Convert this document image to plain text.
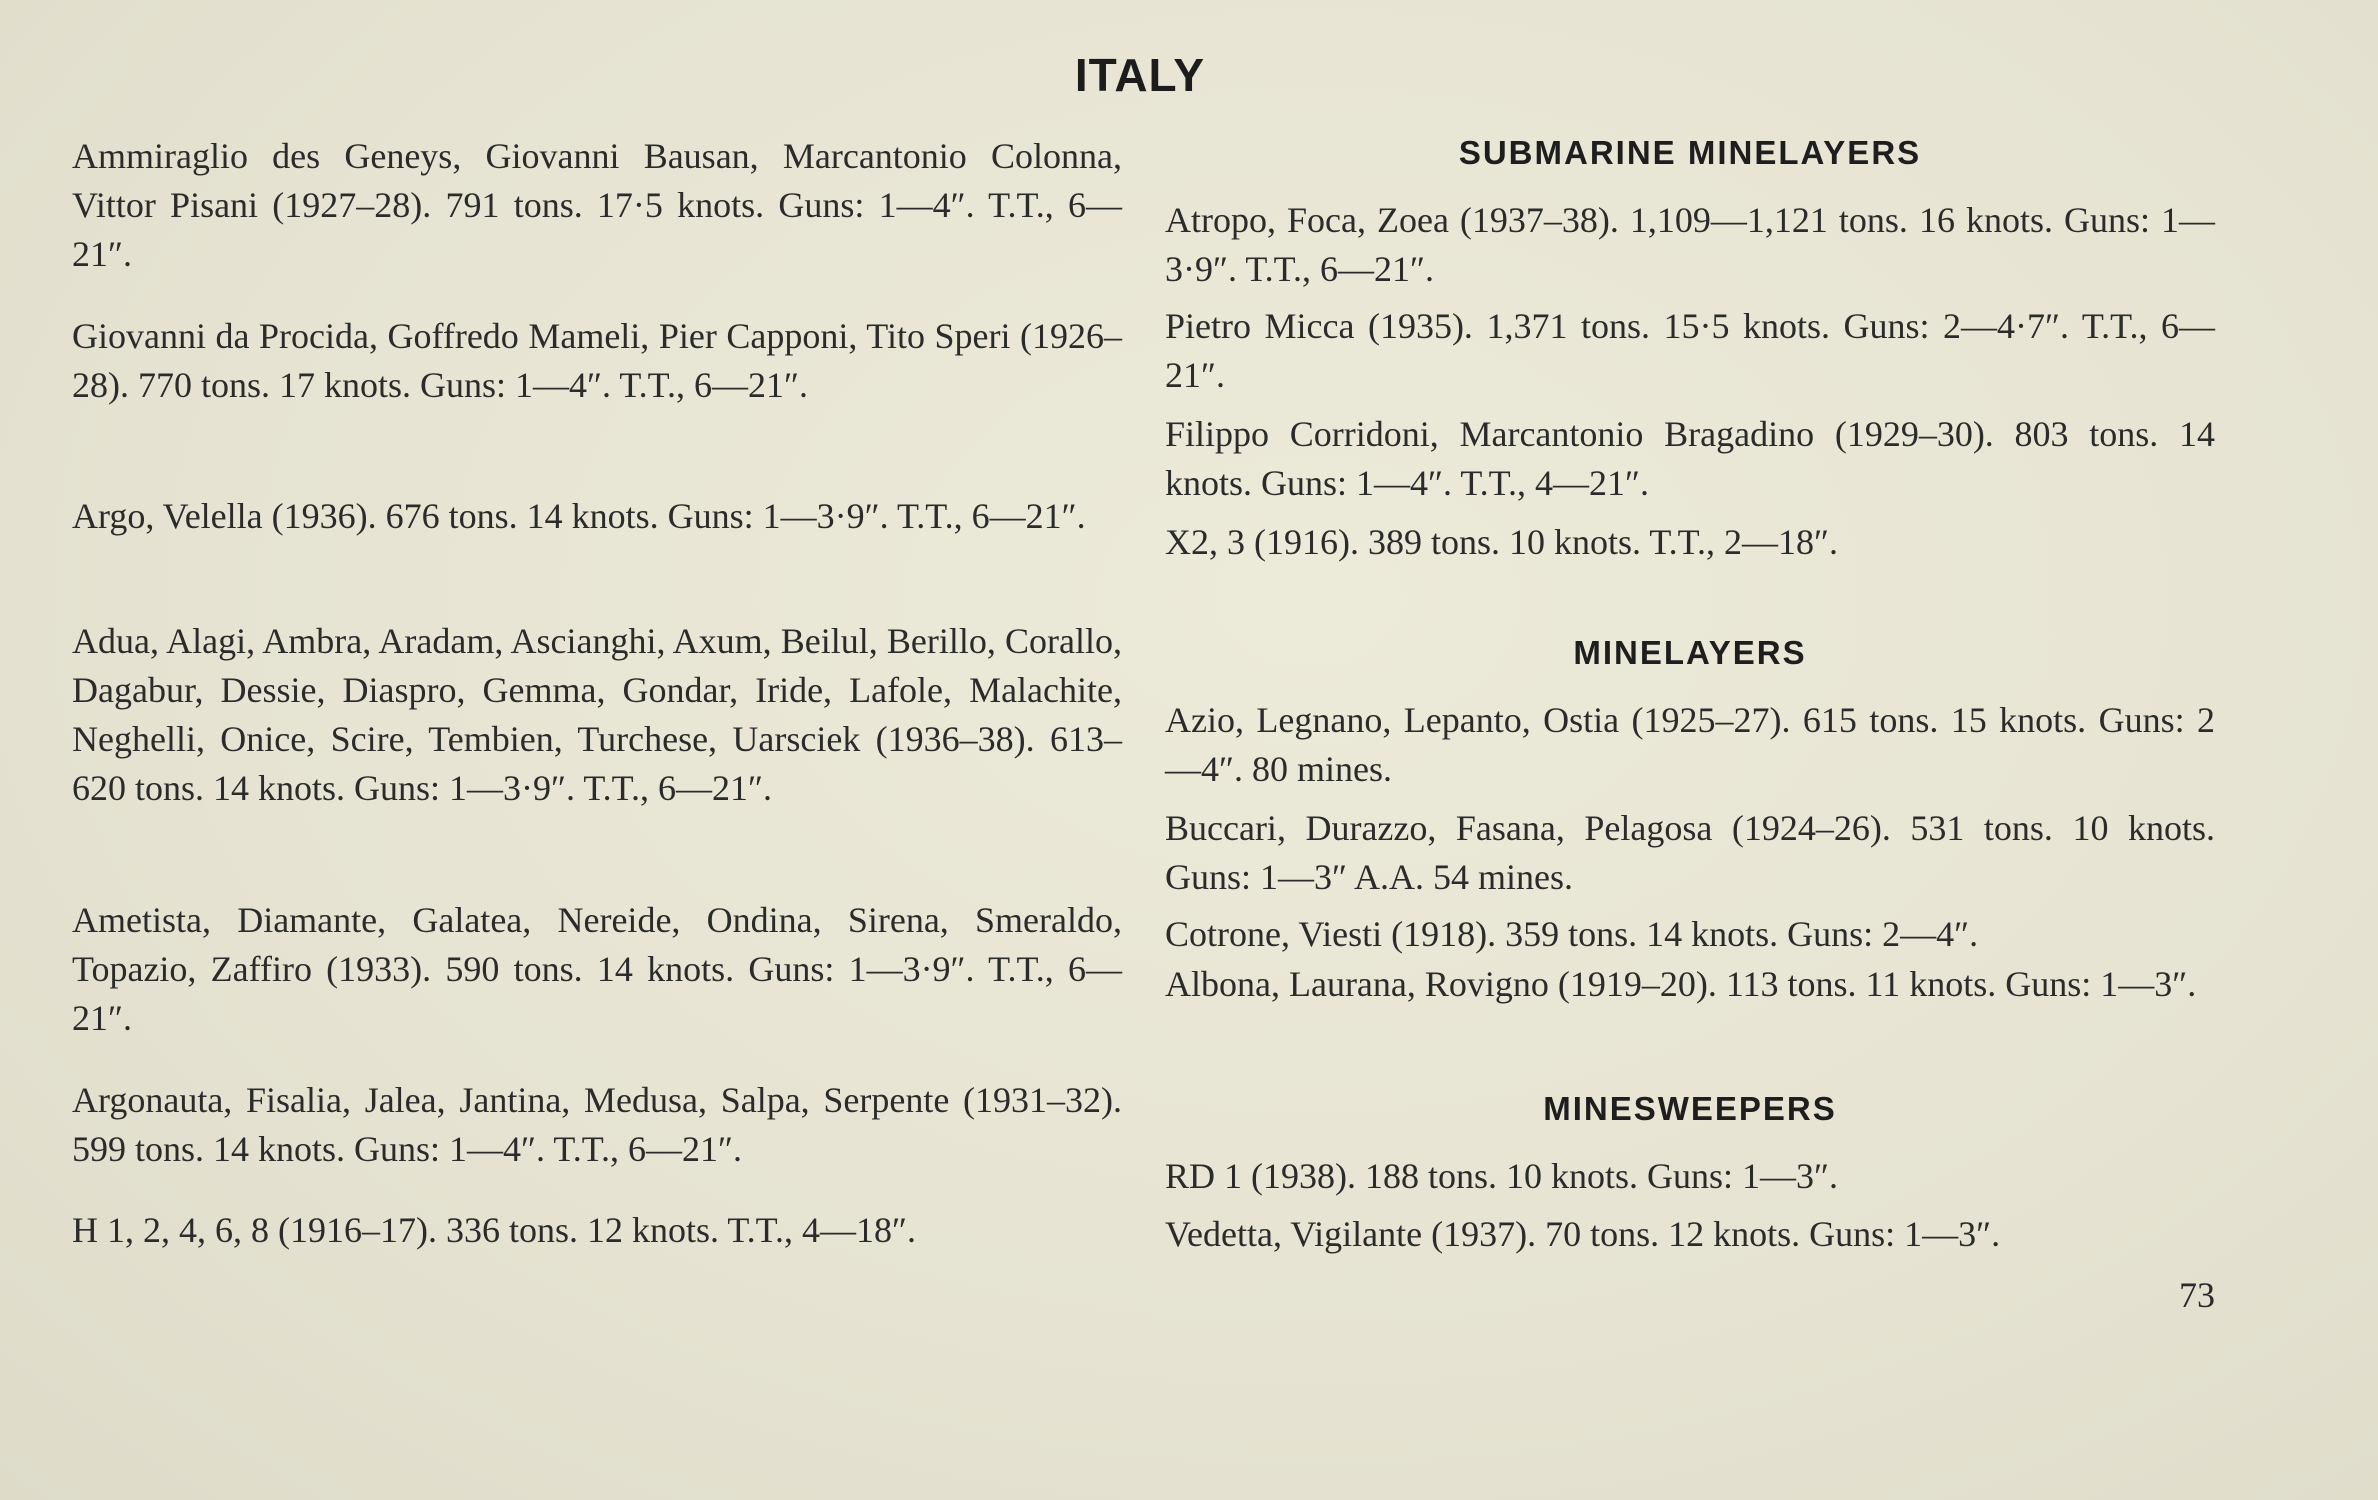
ITALY
Ammiraglio des Geneys, Giovanni Bausan, Marcantonio Colonna, Vittor Pisani (1927–28). 791 tons. 17·5 knots. Guns: 1—4″. T.T., 6—21″.
Giovanni da Procida, Goffredo Mameli, Pier Capponi, Tito Speri (1926–28). 770 tons. 17 knots. Guns: 1—4″. T.T., 6—21″.
Argo, Velella (1936). 676 tons. 14 knots. Guns: 1—3·9″. T.T., 6—21″.
Adua, Alagi, Ambra, Aradam, Ascianghi, Axum, Beilul, Berillo, Corallo, Dagabur, Dessie, Diaspro, Gemma, Gondar, Iride, Lafole, Malachite, Neghelli, Onice, Scire, Tembien, Turchese, Uarsciek (1936–38). 613–620 tons. 14 knots. Guns: 1—3·9″. T.T., 6—21″.
Ametista, Diamante, Galatea, Nereide, Ondina, Sirena, Smeraldo, Topazio, Zaffiro (1933). 590 tons. 14 knots. Guns: 1—3·9″. T.T., 6—21″.
Argonauta, Fisalia, Jalea, Jantina, Medusa, Salpa, Serpente (1931–32). 599 tons. 14 knots. Guns: 1—4″. T.T., 6—21″.
H 1, 2, 4, 6, 8 (1916–17). 336 tons. 12 knots. T.T., 4—18″.
SUBMARINE MINELAYERS
Atropo, Foca, Zoea (1937–38). 1,109—1,121 tons. 16 knots. Guns: 1—3·9″. T.T., 6—21″.
Pietro Micca (1935). 1,371 tons. 15·5 knots. Guns: 2—4·7″. T.T., 6—21″.
Filippo Corridoni, Marcantonio Bragadino (1929–30). 803 tons. 14 knots. Guns: 1—4″. T.T., 4—21″.
X2, 3 (1916). 389 tons. 10 knots. T.T., 2—18″.
MINELAYERS
Azio, Legnano, Lepanto, Ostia (1925–27). 615 tons. 15 knots. Guns: 2—4″. 80 mines.
Buccari, Durazzo, Fasana, Pelagosa (1924–26). 531 tons. 10 knots. Guns: 1—3″ A.A. 54 mines.
Cotrone, Viesti (1918). 359 tons. 14 knots. Guns: 2—4″.
Albona, Laurana, Rovigno (1919–20). 113 tons. 11 knots. Guns: 1—3″.
MINESWEEPERS
RD 1 (1938). 188 tons. 10 knots. Guns: 1—3″.
Vedetta, Vigilante (1937). 70 tons. 12 knots. Guns: 1—3″.
73
